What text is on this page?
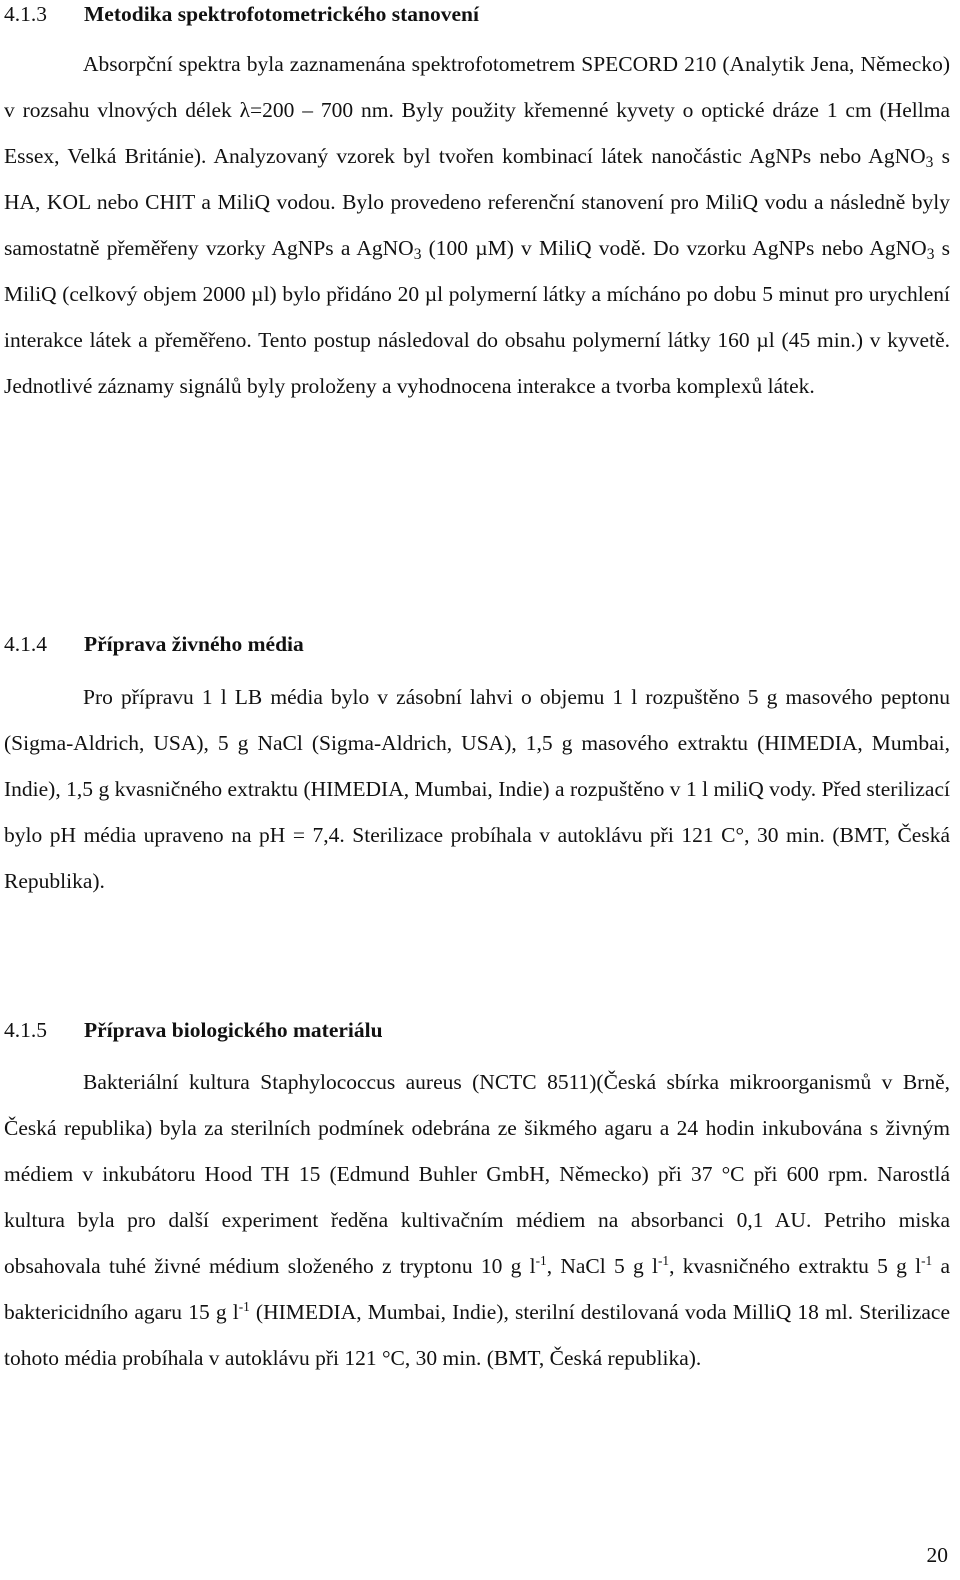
4.1.3 Metodika spektrofotometrického stanovení

Absorpční spektra byla zaznamenána spektrofotometrem SPECORD 210 (Analytik Jena, Německo) v rozsahu vlnových délek λ=200 – 700 nm. Byly použity křemenné kyvety o optické dráze 1 cm (Hellma Essex, Velká Británie). Analyzovaný vzorek byl tvořen kombinací látek nanočástic AgNPs nebo AgNO$_3$ s HA, KOL nebo CHIT a MiliQ vodou. Bylo provedeno referenční stanovení pro MiliQ vodu a následně byly samostatně přeměřeny vzorky AgNPs a AgNO$_3$ (100 µM) v MiliQ vodě. Do vzorku AgNPs nebo AgNO$_3$ s MiliQ (celkový objem 2000 µl) bylo přidáno 20 µl polymerní látky a mícháno po dobu 5 minut pro urychlení interakce látek a přeměřeno. Tento postup následoval do obsahu polymerní látky 160 µl (45 min.) v kyvetě. Jednotlivé záznamy signálů byly proloženy a vyhodnocena interakce a tvorba komplexů látek.

4.1.4 Příprava živného média

Pro přípravu 1 l LB média bylo v zásobní lahvi o objemu 1 l rozpuštěno 5 g masového peptonu (Sigma-Aldrich, USA), 5 g NaCl (Sigma-Aldrich, USA), 1,5 g masového extraktu (HIMEDIA, Mumbai, Indie), 1,5 g kvasničného extraktu (HIMEDIA, Mumbai, Indie) a rozpuštěno v 1 l miliQ vody. Před sterilizací bylo pH média upraveno na pH = 7,4. Sterilizace probíhala v autoklávu při 121 C°, 30 min. (BMT, Česká Republika).

4.1.5 Příprava biologického materiálu

Bakteriální kultura Staphylococcus aureus (NCTC 8511)(Česká sbírka mikroorganismů v Brně, Česká republika) byla za sterilních podmínek odebrána ze šikmého agaru a 24 hodin inkubována s živným médiem v inkubátoru Hood TH 15 (Edmund Buhler GmbH, Německo) při 37 °C při 600 rpm. Narostlá kultura byla pro další experiment ředěna kultivačním médiem na absorbanci 0,1 AU. Petriho miska obsahovala tuhé živné médium složeného z tryptonu 10 g $l^{-1}$, NaCl 5 g $l^{-1}$, kvasničného extraktu 5 g $l^{-1}$ a baktericidního agaru 15 g $l^{-1}$ (HIMEDIA, Mumbai, Indie), sterilní destilovaná voda MilliQ 18 ml. Sterilizace tohoto média probíhala v autoklávu při 121 °C, 30 min. (BMT, Česká republika).

20
